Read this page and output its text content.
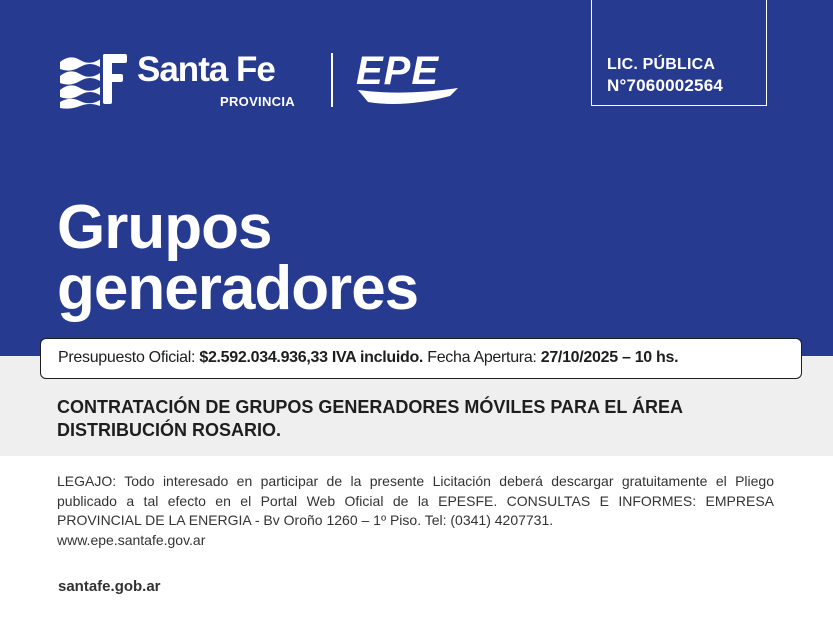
Santa Fe
PROVINCIA
EPE	LIC. PÚBLICA
N°7060002564
Grupos
generadores
Presupuesto Oficial: $2.592.034.936,33 IVA incluido. Fecha Apertura: 27/10/2025 – 10 hs.
CONTRATACIÓN DE GRUPOS GENERADORES MÓVILES PARA EL ÁREA DISTRIBUCIÓN ROSARIO.
LEGAJO: Todo interesado en participar de la presente Licitación deberá descargar gratuitamente el Pliego publicado a tal efecto en el Portal Web Oficial de la EPESFE. CONSULTAS E INFORMES: EMPRESA PROVINCIAL DE LA ENERGIA - Bv Oroño 1260 – 1º Piso. Tel: (0341) 4207731.
www.epe.santafe.gov.ar
santafe.gob.ar
